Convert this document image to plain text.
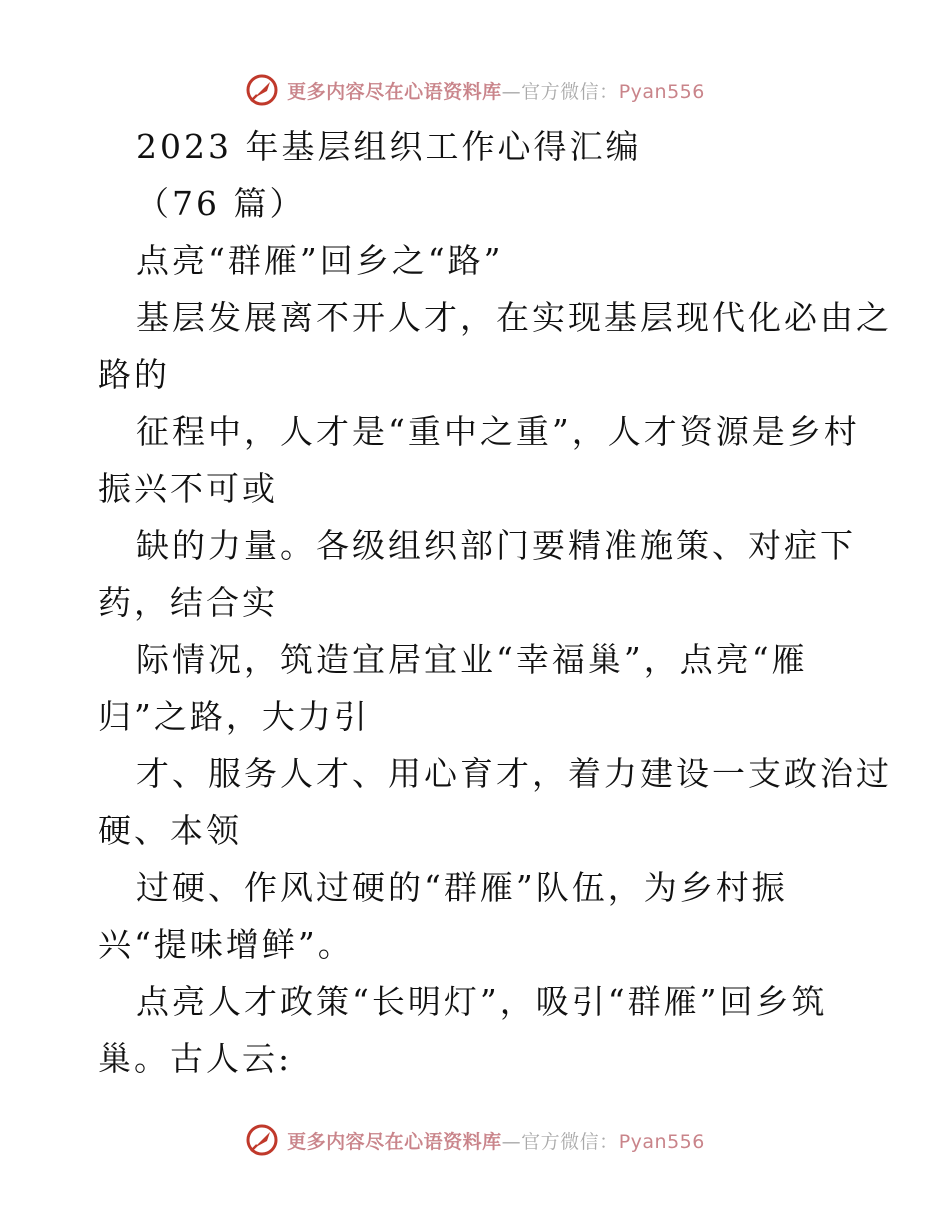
更多内容尽在心语资料库—官方微信：Pyan556
2023 年基层组织工作心得汇编
（76 篇）
点亮“群雁”回乡之“路”
基层发展离不开人才，在实现基层现代化必由之
路的
征程中，人才是“重中之重”，人才资源是乡村
振兴不可或
缺的力量。各级组织部门要精准施策、对症下
药，结合实
际情况，筑造宜居宜业“幸福巢”，点亮“雁
归”之路，大力引
才、服务人才、用心育才，着力建设一支政治过
硬、本领
过硬、作风过硬的“群雁”队伍，为乡村振
兴“提味增鲜”。
点亮人才政策“长明灯”，吸引“群雁”回乡筑
巢。古人云:
更多内容尽在心语资料库—官方微信：Pyan556
